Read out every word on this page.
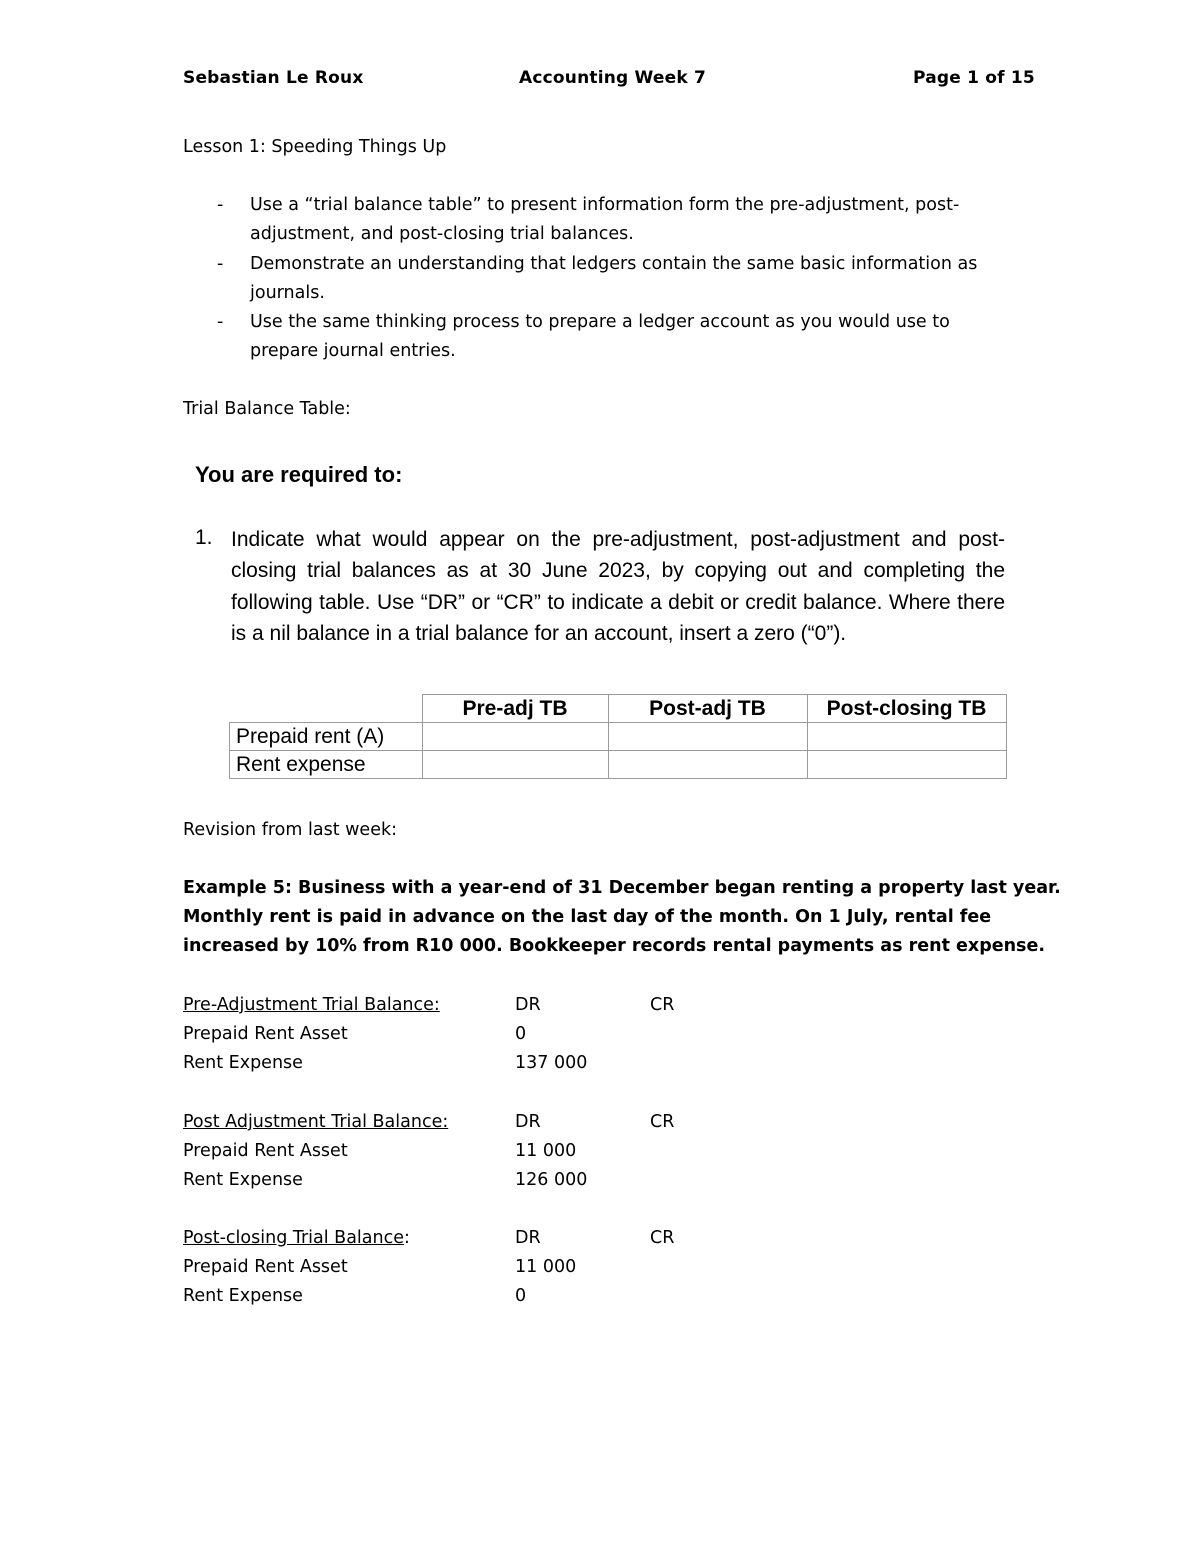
Sebastian Le Roux	Accounting Week 7	Page 1 of 15
Lesson 1: Speeding Things Up
- Use a “trial balance table” to present information form the pre-adjustment, post-adjustment, and post-closing trial balances.
- Demonstrate an understanding that ledgers contain the same basic information as journals.
- Use the same thinking process to prepare a ledger account as you would use to prepare journal entries.
Trial Balance Table:
You are required to:
1. Indicate what would appear on the pre-adjustment, post-adjustment and post-closing trial balances as at 30 June 2023, by copying out and completing the following table. Use “DR” or “CR” to indicate a debit or credit balance. Where there is a nil balance in a trial balance for an account, insert a zero (“0”).
	Pre-adj TB	Post-adj TB	Post-closing TB
Prepaid rent (A)			
Rent expense			
Revision from last week:
Example 5: Business with a year-end of 31 December began renting a property last year.
Monthly rent is paid in advance on the last day of the month. On 1 July, rental fee
increased by 10% from R10 000. Bookkeeper records rental payments as rent expense.
Pre-Adjustment Trial Balance:	DR	CR
Prepaid Rent Asset	0
Rent Expense	137 000
Post Adjustment Trial Balance:	DR	CR
Prepaid Rent Asset	11 000
Rent Expense	126 000
Post-closing Trial Balance:	DR	CR
Prepaid Rent Asset	11 000
Rent Expense	0
